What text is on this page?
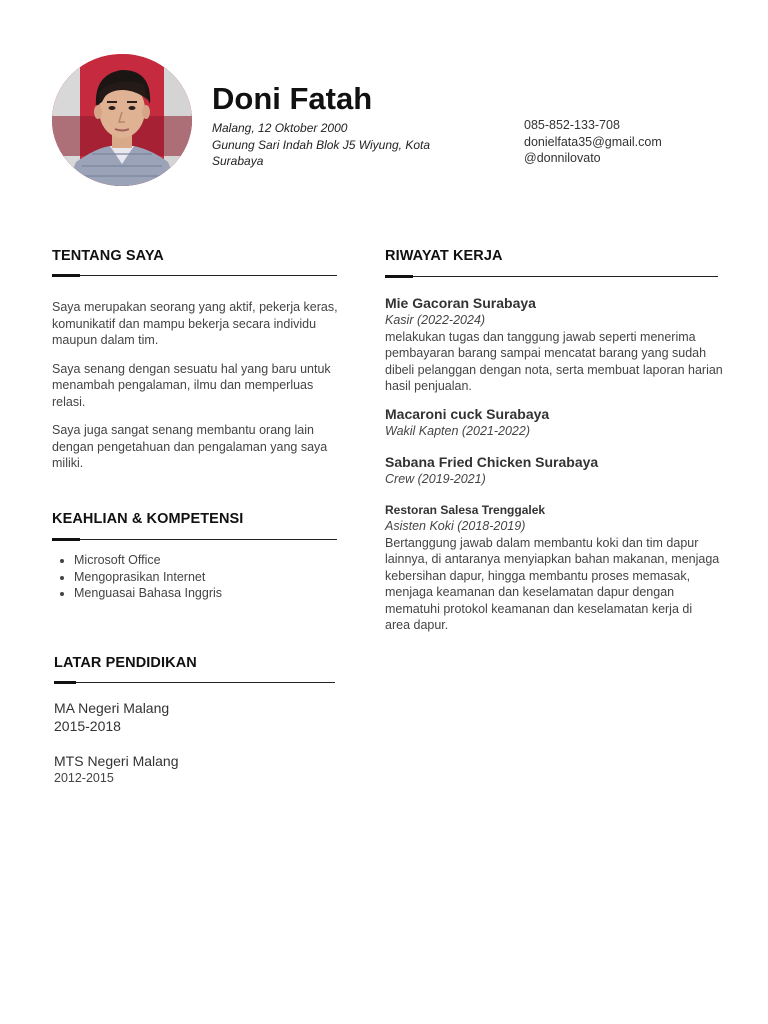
Doni Fatah
Malang, 12 Oktober 2000
Gunung Sari Indah Blok J5 Wiyung, Kota Surabaya
085-852-133-708
donielfata35@gmail.com
@donnilovato
TENTANG SAYA

Saya merupakan seorang yang aktif, pekerja keras, komunikatif dan mampu bekerja secara individu maupun dalam tim.

Saya senang dengan sesuatu hal yang baru untuk menambah pengalaman, ilmu dan memperluas relasi.

Saya juga sangat senang membantu orang lain dengan pengetahuan dan pengalaman yang saya miliki.

KEAHLIAN & KOMPETENSI
• Microsoft Office
• Mengoprasikan Internet
• Menguasai Bahasa Inggris
LATAR PENDIDIKAN
MA Negeri Malang
2015-2018
MTS Negeri Malang
2012-2015
RIWAYAT KERJA
Mie Gacoran Surabaya
Kasir (2022-2024)
melakukan tugas dan tanggung jawab seperti menerima pembayaran barang sampai mencatat barang yang sudah dibeli pelanggan dengan nota, serta membuat laporan harian hasil penjualan.
Macaroni cuck Surabaya
Wakil Kapten (2021-2022)
Sabana Fried Chicken Surabaya
Crew (2019-2021)
Restoran Salesa Trenggalek
Asisten Koki (2018-2019)
Bertanggung jawab dalam membantu koki dan tim dapur lainnya, di antaranya menyiapkan bahan makanan, menjaga kebersihan dapur, hingga membantu proses memasak, menjaga keamanan dan keselamatan dapur dengan mematuhi protokol keamanan dan keselamatan kerja di area dapur.
